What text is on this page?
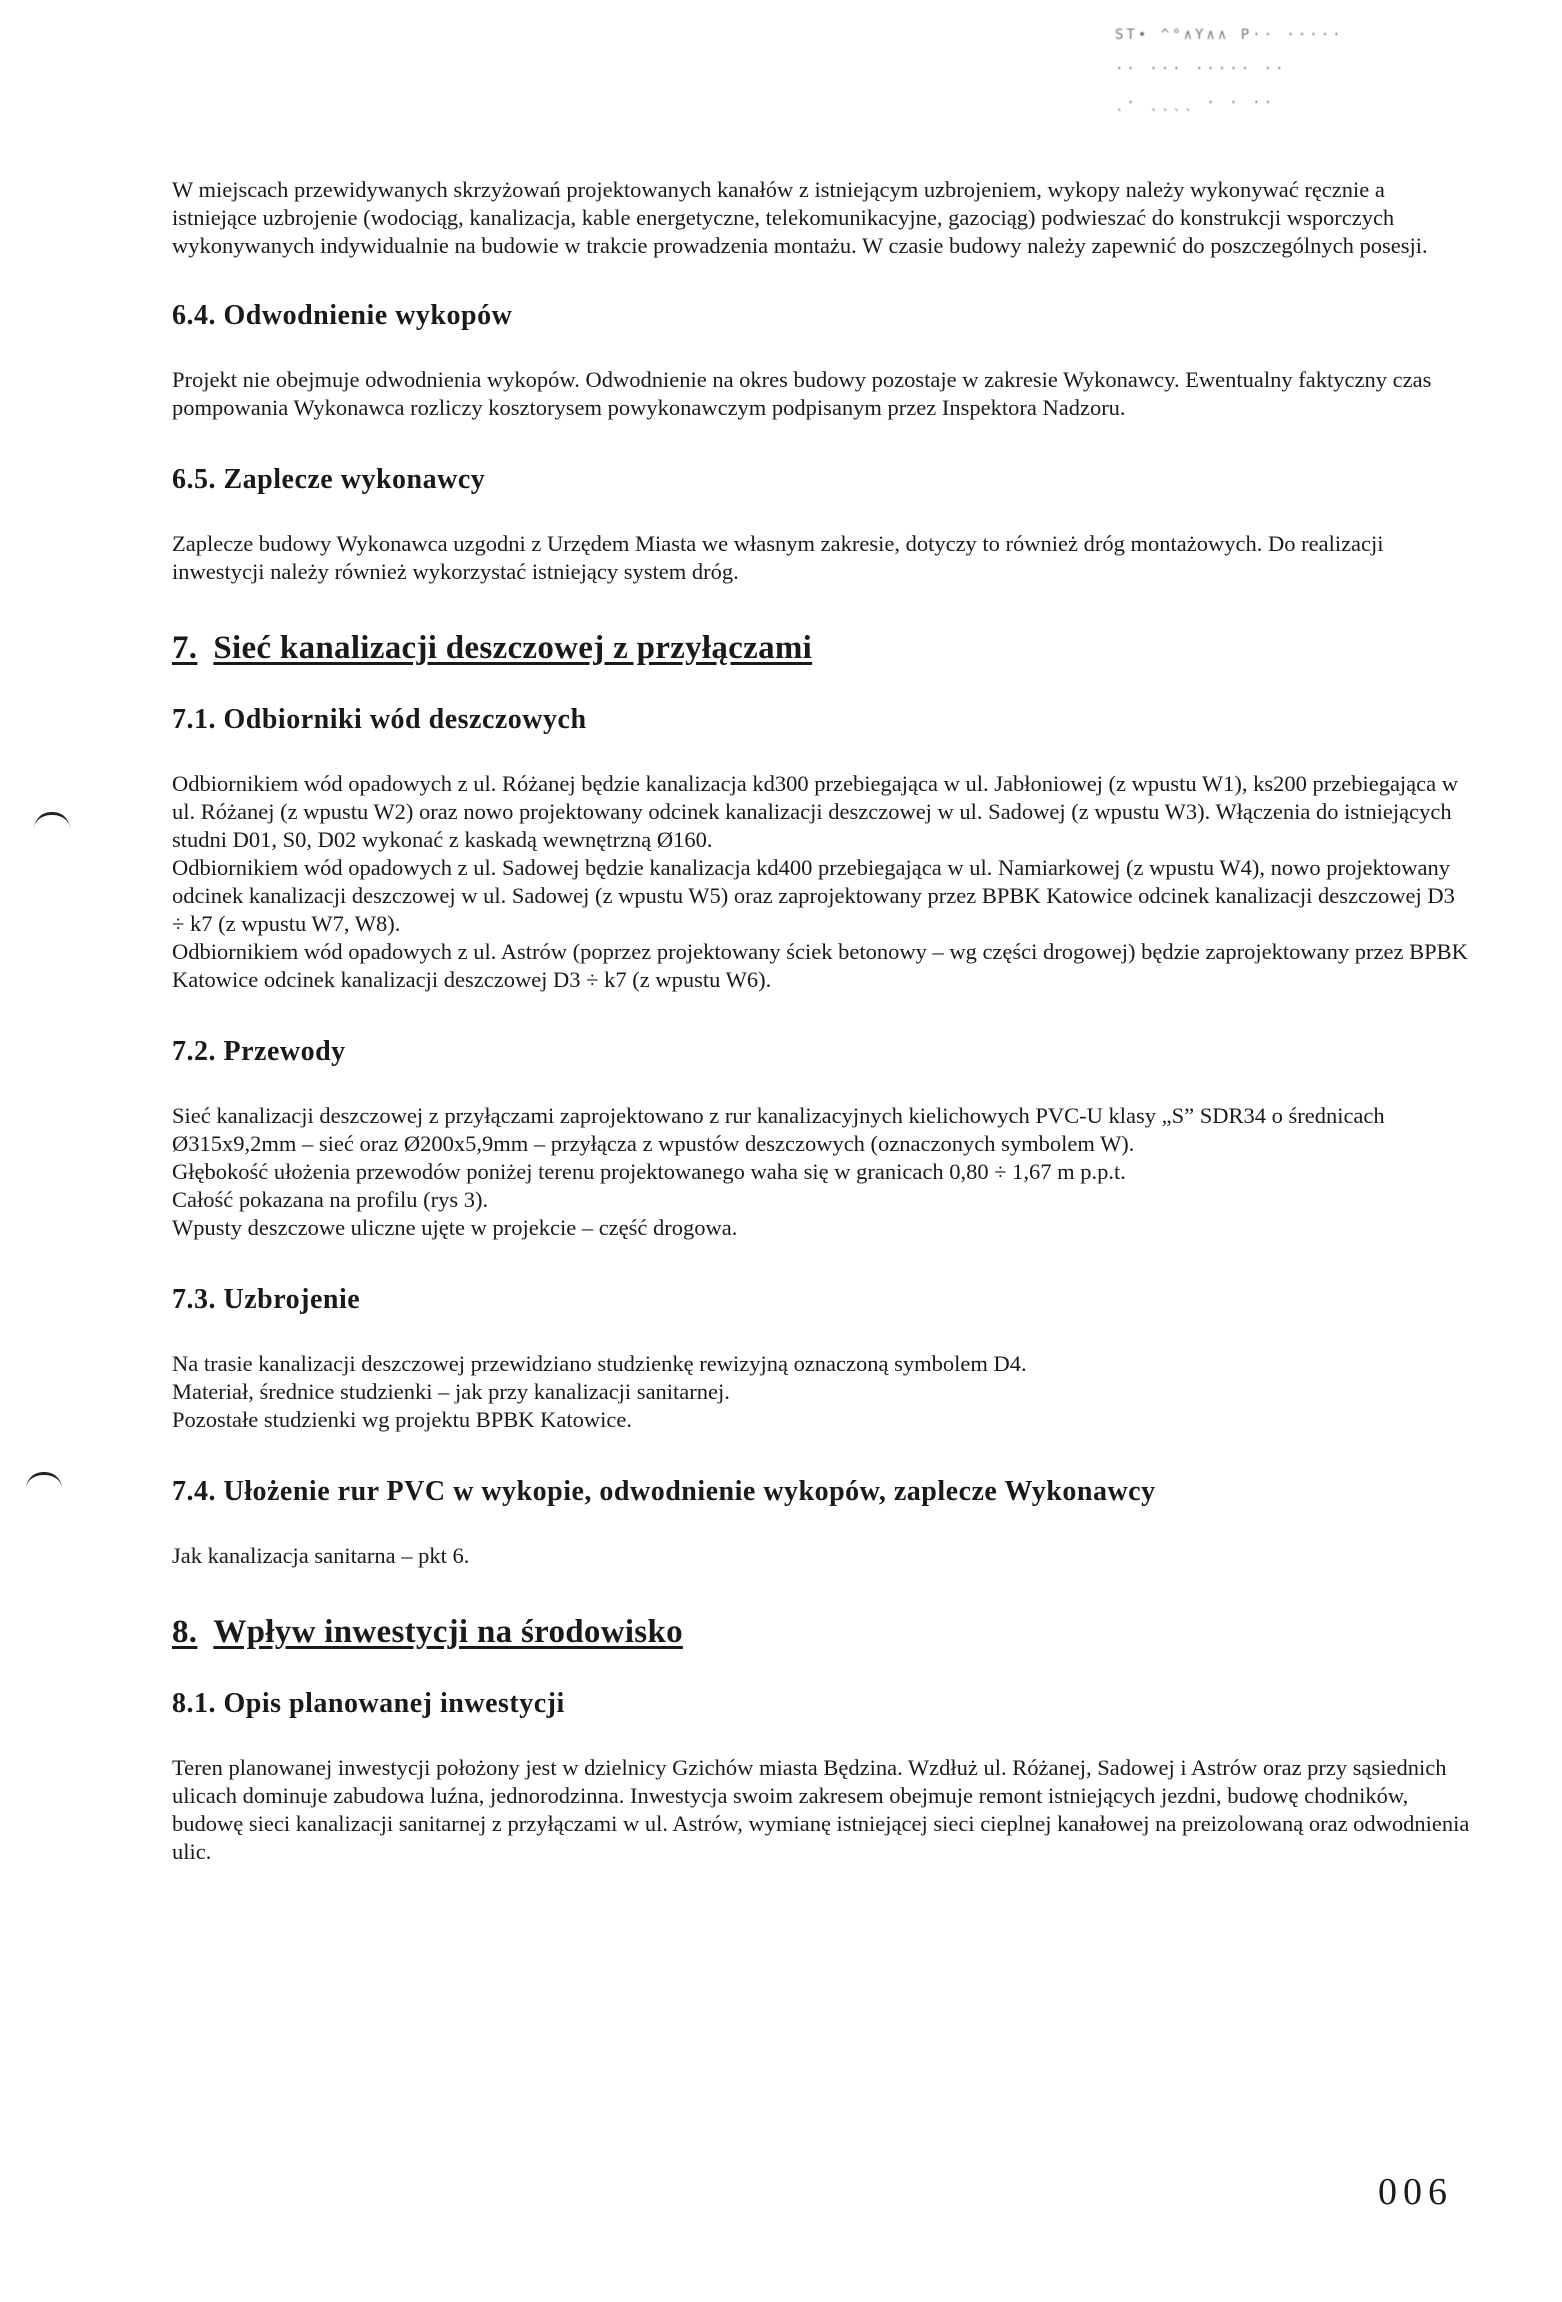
ST• ^°∧Y∧∧ P·· ·····
·· ··· ····· ··
ˎ· ˎˎˎˎ · · ··

W miejscach przewidywanych skrzyżowań projektowanych kanałów z istniejącym uzbrojeniem, wykopy należy wykonywać ręcznie a istniejące uzbrojenie (wodociąg, kanalizacja, kable energetyczne, telekomunikacyjne, gazociąg) podwieszać do konstrukcji wsporczych wykonywanych indywidualnie na budowie w trakcie prowadzenia montażu. W czasie budowy należy zapewnić do poszczególnych posesji.

6.4. Odwodnienie wykopów

Projekt nie obejmuje odwodnienia wykopów. Odwodnienie na okres budowy pozostaje w zakresie Wykonawcy. Ewentualny faktyczny czas pompowania Wykonawca rozliczy kosztorysem powykonawczym podpisanym przez Inspektora Nadzoru.

6.5. Zaplecze wykonawcy

Zaplecze budowy Wykonawca uzgodni z Urzędem Miasta we własnym zakresie, dotyczy to również dróg montażowych. Do realizacji inwestycji należy również wykorzystać istniejący system dróg.

7. Sieć kanalizacji deszczowej z przyłączami
7.1. Odbiorniki wód deszczowych

Odbiornikiem wód opadowych z ul. Różanej będzie kanalizacja kd300 przebiegająca w ul. Jabłoniowej (z wpustu W1), ks200 przebiegająca w ul. Różanej (z wpustu W2) oraz nowo projektowany odcinek kanalizacji deszczowej w ul. Sadowej (z wpustu W3). Włączenia do istniejących studni D01, S0, D02 wykonać z kaskadą wewnętrzną Ø160.

Odbiornikiem wód opadowych z ul. Sadowej będzie kanalizacja kd400 przebiegająca w ul. Namiarkowej (z wpustu W4), nowo projektowany odcinek kanalizacji deszczowej w ul. Sadowej (z wpustu W5) oraz zaprojektowany przez BPBK Katowice odcinek kanalizacji deszczowej D3 ÷ k7 (z wpustu W7, W8).

Odbiornikiem wód opadowych z ul. Astrów (poprzez projektowany ściek betonowy – wg części drogowej) będzie zaprojektowany przez BPBK Katowice odcinek kanalizacji deszczowej D3 ÷ k7 (z wpustu W6).

7.2. Przewody

Sieć kanalizacji deszczowej z przyłączami zaprojektowano z rur kanalizacyjnych kielichowych PVC-U klasy „S” SDR34 o średnicach Ø315x9,2mm – sieć oraz Ø200x5,9mm – przyłącza z wpustów deszczowych (oznaczonych symbolem W).

Głębokość ułożenia przewodów poniżej terenu projektowanego waha się w granicach 0,80 ÷ 1,67 m p.p.t.

Całość pokazana na profilu (rys 3).

Wpusty deszczowe uliczne ujęte w projekcie – część drogowa.

7.3. Uzbrojenie

Na trasie kanalizacji deszczowej przewidziano studzienkę rewizyjną oznaczoną symbolem D4.

Materiał, średnice studzienki – jak przy kanalizacji sanitarnej.

Pozostałe studzienki wg projektu BPBK Katowice.

7.4. Ułożenie rur PVC w wykopie, odwodnienie wykopów, zaplecze Wykonawcy

Jak kanalizacja sanitarna – pkt 6.

8. Wpływ inwestycji na środowisko
8.1. Opis planowanej inwestycji

Teren planowanej inwestycji położony jest w dzielnicy Gzichów miasta Będzina. Wzdłuż ul. Różanej, Sadowej i Astrów oraz przy sąsiednich ulicach dominuje zabudowa luźna, jednorodzinna. Inwestycja swoim zakresem obejmuje remont istniejących jezdni, budowę chodników, budowę sieci kanalizacji sanitarnej z przyłączami w ul. Astrów, wymianę istniejącej sieci cieplnej kanałowej na preizolowaną oraz odwodnienia ulic.

006
